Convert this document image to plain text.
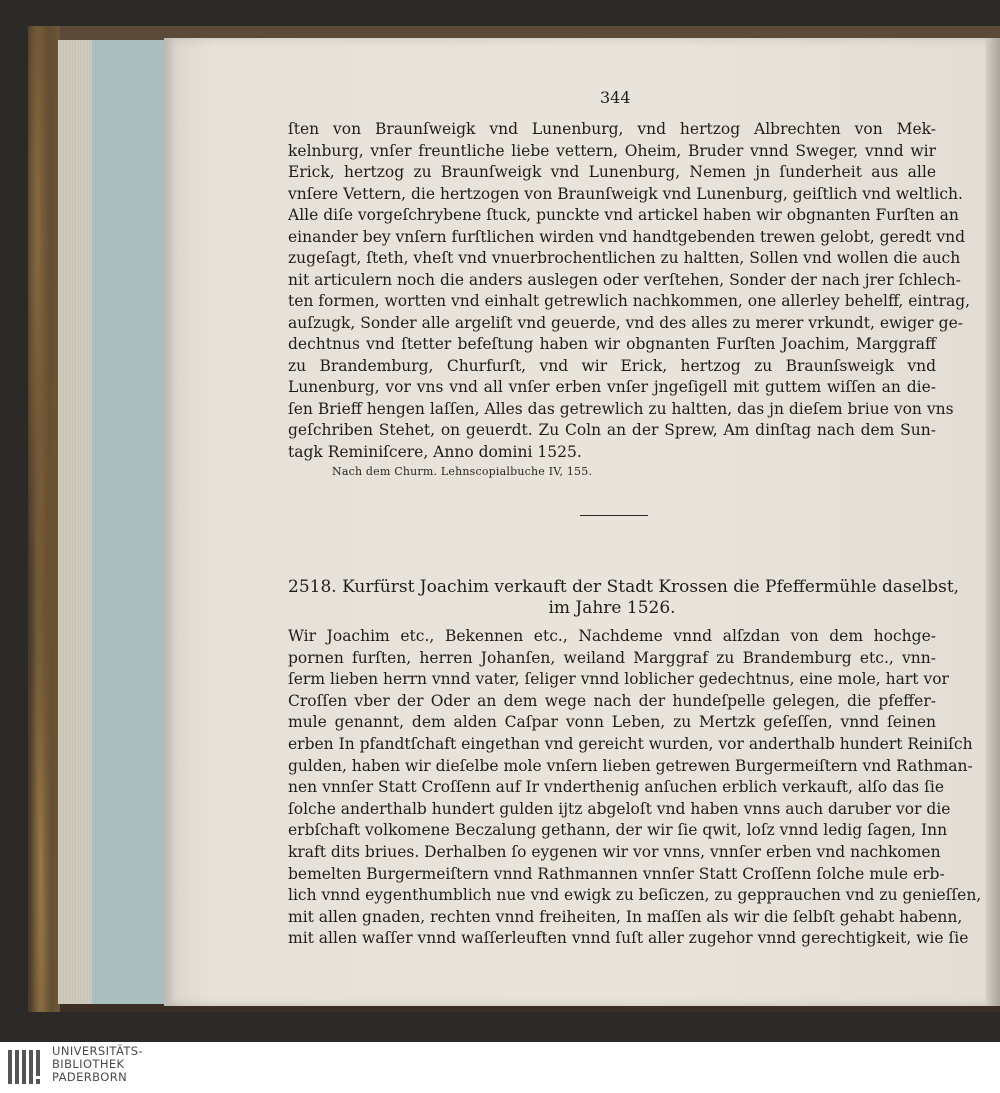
344
ſten von Braunſweigk vnd Lunenburg, vnd hertzog Albrechten von Mek-
kelnburg, vnſer freuntliche liebe vettern, Oheim, Bruder vnnd Sweger, vnnd wir
Erick, hertzog zu Braunſweigk vnd Lunenburg, Nemen jn ſunderheit aus alle
vnſere Vettern, die hertzogen von Braunſweigk vnd Lunenburg, geiſtlich vnd weltlich.
Alle diſe vorgeſchrybene ſtuck, punckte vnd artickel haben wir obgnanten Furſten an
einander bey vnſern furſtlichen wirden vnd handtgebenden trewen gelobt, geredt vnd
zugeſagt, ſteth, vheſt vnd vnuerbrochentlichen zu haltten, Sollen vnd wollen die auch
nit articulern noch die anders auslegen oder verſtehen, Sonder der nach jrer ſchlech-
ten formen, wortten vnd einhalt getrewlich nachkommen, one allerley behelff, eintrag,
auſzugk, Sonder alle argeliſt vnd geuerde, vnd des alles zu merer vrkundt, ewiger ge-
dechtnus vnd ſtetter befeſtung haben wir obgnanten Furſten Joachim, Marggraff
zu Brandemburg, Churfurſt, vnd wir Erick, hertzog zu Braunſsweigk vnd
Lunenburg, vor vns vnd all vnſer erben vnſer jngeſigell mit guttem wiſſen an die-
ſen Brieff hengen laſſen, Alles das getrewlich zu haltten, das jn dieſem briue von vns
geſchriben Stehet, on geuerdt. Zu Coln an der Sprew, Am dinſtag nach dem Sun-
tagk Reminiſcere, Anno domini 1525.
Nach dem Churm. Lehnscopialbuche IV, 155.
2518. Kurfürst Joachim verkauft der Stadt Krossen die Pfeffermühle daselbst,
im Jahre 1526.
Wir Joachim etc., Bekennen etc., Nachdeme vnnd alſzdan von dem hochge-
pornen furſten, herren Johanſen, weiland Marggraf zu Brandemburg etc., vnn-
ſerm lieben herrn vnnd vater, ſeliger vnnd loblicher gedechtnus, eine mole, hart vor
Croſſen vber der Oder an dem wege nach der hundeſpelle gelegen, die pfeffer-
mule genannt, dem alden Caſpar vonn Leben, zu Mertzk geſeſſen, vnnd ſeinen
erben In pfandtſchaft eingethan vnd gereicht wurden, vor anderthalb hundert Reiniſch
gulden, haben wir dieſelbe mole vnſern lieben getrewen Burgermeiſtern vnd Rathman-
nen vnnſer Statt Croſſenn auf Ir vnderthenig anſuchen erblich verkauft, alſo das ſie
ſolche anderthalb hundert gulden ijtz abgeloſt vnd haben vnns auch daruber vor die
erbſchaft volkomene Beczalung gethann, der wir ſie qwit, loſz vnnd ledig ſagen, Inn
kraft dits briues. Derhalben ſo eygenen wir vor vnns, vnnſer erben vnd nachkomen
bemelten Burgermeiſtern vnnd Rathmannen vnnſer Statt Croſſenn ſolche mule erb-
lich vnnd eygenthumblich nue vnd ewigk zu beſiczen, zu gepprauchen vnd zu genieſſen,
mit allen gnaden, rechten vnnd freiheiten, In maſſen als wir die ſelbſt gehabt habenn,
mit allen waſſer vnnd waſſerleuften vnnd ſuſt aller zugehor vnnd gerechtigkeit, wie ſie
UNIVERSITÄTS-
BIBLIOTHEK
PADERBORN
